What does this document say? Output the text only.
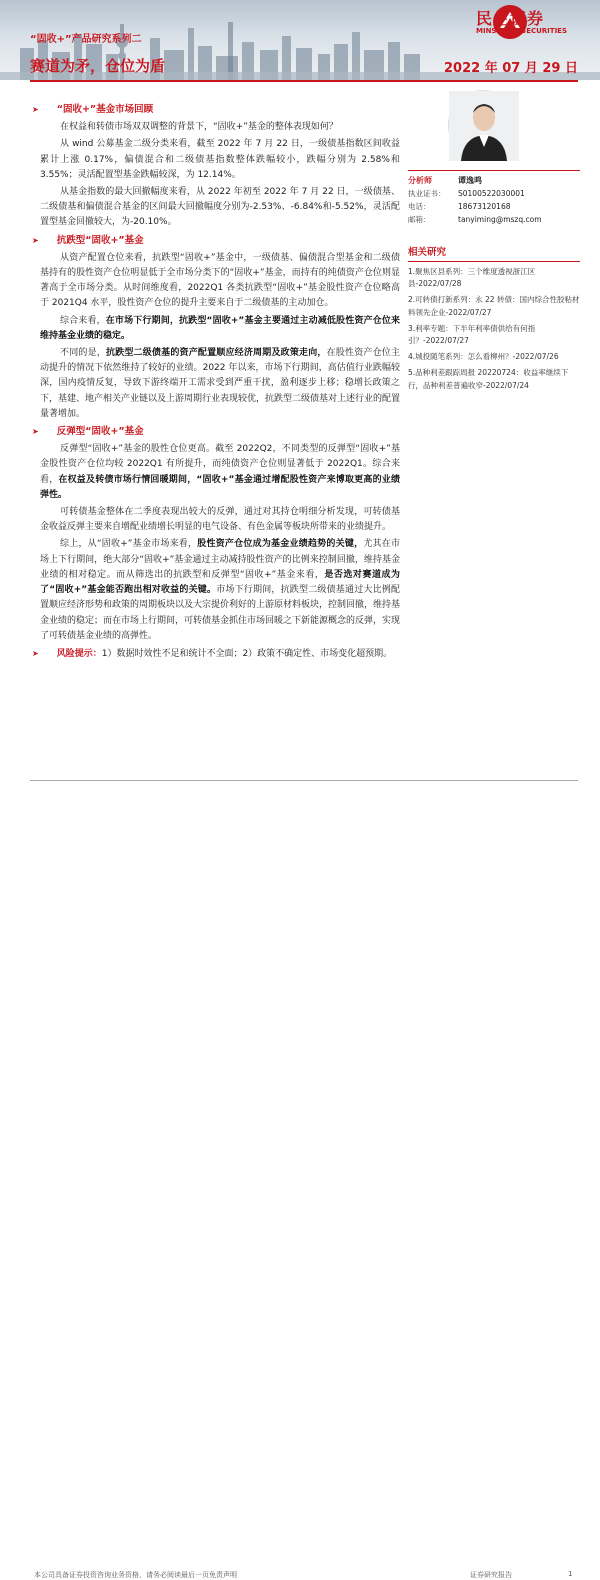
民生证券
MINSHENG SECURITIES
“固收+”产品研究系列二
赛道为矛，仓位为盾	2022 年 07 月 29 日
➤ “固收+”基金市场回顾

在权益和转债市场双双调整的背景下，“固收+”基金的整体表现如何？

从 wind 公募基金二级分类来看，截至 2022 年 7 月 22 日，一级债基指数区间收益累计上涨 0.17%，偏债混合和二级债基指数整体跌幅较小，跌幅分别为 2.58%和 3.55%；灵活配置型基金跌幅较深，为 12.14%。

从基金指数的最大回撤幅度来看，从 2022 年初至 2022 年 7 月 22 日，一级债基、二级债基和偏债混合基金的区间最大回撤幅度分别为-2.53%、-6.84%和-5.52%，灵活配置型基金回撤较大，为-20.10%。

➤ 抗跌型“固收+”基金

从资产配置仓位来看，抗跌型“固收+”基金中，一级债基、偏债混合型基金和二级债基持有的股性资产仓位明显低于全市场分类下的“固收+”基金，而持有的纯债资产仓位则显著高于全市场分类。从时间维度看，2022Q1 各类抗跌型“固收+”基金股性资产仓位略高于 2021Q4 水平，股性资产仓位的提升主要来自于二级债基的主动加仓。

综合来看，在市场下行期间，抗跌型“固收+”基金主要通过主动减低股性资产仓位来维持基金业绩的稳定。

不同的是，抗跌型二级债基的资产配置顺应经济周期及政策走向，在股性资产仓位主动提升的情况下依然维持了较好的业绩。2022 年以来，市场下行期间，高估值行业跌幅较深，国内疫情反复，导致下游终端开工需求受到严重干扰，盈利逐步上移；稳增长政策之下，基建、地产相关产业链以及上游周期行业表现较优，抗跌型二级债基对上述行业的配置量著增加。

➤ 反弹型“固收+”基金

反弹型“固收+”基金的股性仓位更高。截至 2022Q2，不同类型的反弹型“固收+”基金股性资产仓位均较 2022Q1 有所提升，而纯债资产仓位则显著低于 2022Q1。综合来看，在权益及转债市场行情回暖期间，“固收+”基金通过增配股性资产来博取更高的业绩弹性。

可转债基金整体在二季度表现出较大的反弹，通过对其持仓明细分析发现，可转债基金收益反弹主要来自增配业绩增长明显的电气设备、有色金属等板块所带来的业绩提升。

综上，从“固收+”基金市场来看，股性资产仓位成为基金业绩趋势的关键，尤其在市场上下行期间，绝大部分“固收+”基金通过主动减持股性资产的比例来控制回撤，维持基金业绩的相对稳定。而从筛选出的抗跌型和反弹型“固收+”基金来看，是否选对赛道成为了“固收+”基金能否跑出相对收益的关键。市场下行期间，抗跌型二级债基通过大比例配置顺应经济形势和政策的周期板块以及大宗提价利好的上游原材料板块，控制回撤，维持基金业绩的稳定；而在市场上行期间，可转债基金抓住市场回暖之下新能源概念的反弹，实现了可转债基金业绩的高弹性。

➤ 风险提示：1）数据时效性不足和统计不全面；2）政策不确定性、市场变化超预期。

分析师	谭逸鸣
执业证书：	S0100522030001
电话：	18673120168
邮箱：	tanyiming@mszq.com
相关研究
1.聚焦区县系列：三个维度透视浙江区县-2022/07/28
2.可转债打新系列：永 22 转债：国内综合性胶粘材料领先企业-2022/07/27
3.利率专题：下半年利率债供给有何指引？-2022/07/27
4.城投随笔系列：怎么看柳州？-2022/07/26
5.品种利差跟踪周报 20220724：收益率继续下行，品种利差普遍收窄-2022/07/24
本公司具备证券投资咨询业务资格，请务必阅读最后一页免责声明	证券研究报告	1
